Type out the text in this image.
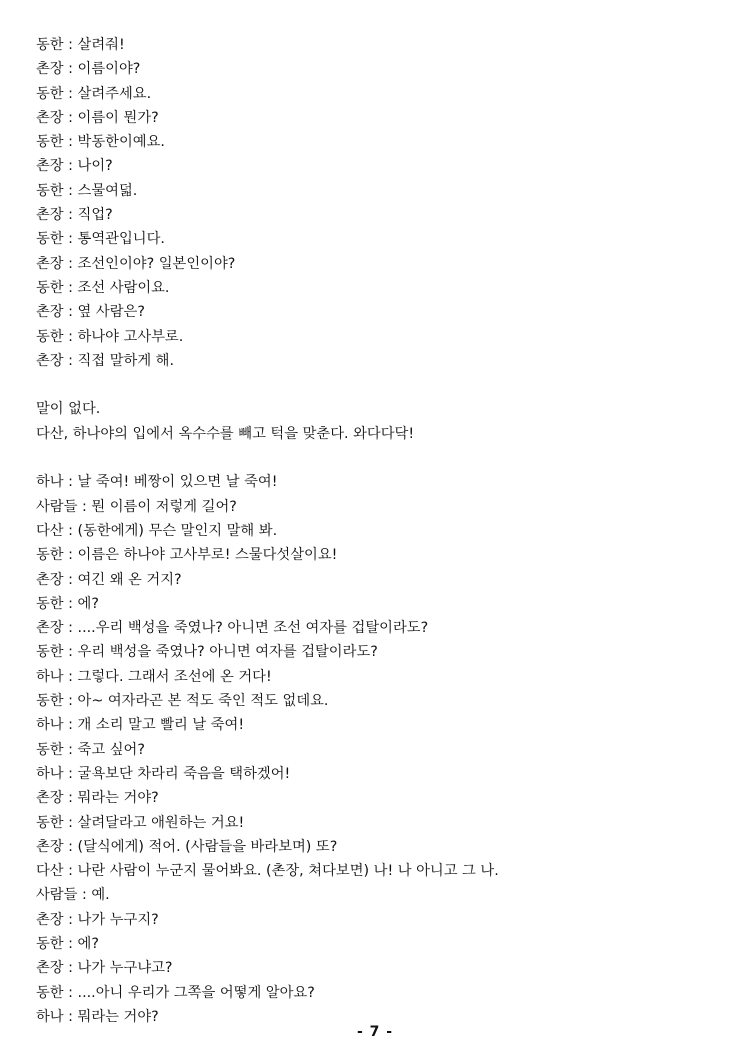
동한 : 살려줘!
촌장 : 이름이야?
동한 : 살려주세요.
촌장 : 이름이 뭔가?
동한 : 박동한이예요.
촌장 : 나이?
동한 : 스물여덟.
촌장 : 직업?
동한 : 통역관입니다.
촌장 : 조선인이야? 일본인이야?
동한 : 조선 사람이요.
촌장 : 옆 사람은?
동한 : 하나야 고사부로.
촌장 : 직접 말하게 해.
말이 없다.
다산, 하나야의 입에서 옥수수를 빼고 턱을 맞춘다. 와다다닥!
하나 : 날 죽여! 베짱이 있으면 날 죽여!
사람들 : 뭔 이름이 저렇게 길어?
다산 : (동한에게) 무슨 말인지 말해 봐.
동한 : 이름은 하나야 고사부로! 스물다섯살이요!
촌장 : 여긴 왜 온 거지?
동한 : 에?
촌장 : ....우리 백성을 죽였나? 아니면 조선 여자를 겁탈이라도?
동한 : 우리 백성을 죽였나? 아니면 여자를 겁탈이라도?
하나 : 그렇다. 그래서 조선에 온 거다!
동한 : 아~ 여자라곤 본 적도 죽인 적도 없데요.
하나 : 개 소리 말고 빨리 날 죽여!
동한 : 죽고 싶어?
하나 : 굴욕보단 차라리 죽음을 택하겠어!
촌장 : 뭐라는 거야?
동한 : 살려달라고 애원하는 거요!
촌장 : (달식에게) 적어. (사람들을 바라보며) 또?
다산 : 나란 사람이 누군지 물어봐요. (촌장, 쳐다보면) 나! 나 아니고 그 나.
사람들 : 예.
촌장 : 나가 누구지?
동한 : 에?
촌장 : 나가 누구냐고?
동한 : ....아니 우리가 그쪽을 어떻게 알아요?
하나 : 뭐라는 거야?
- 7 -
